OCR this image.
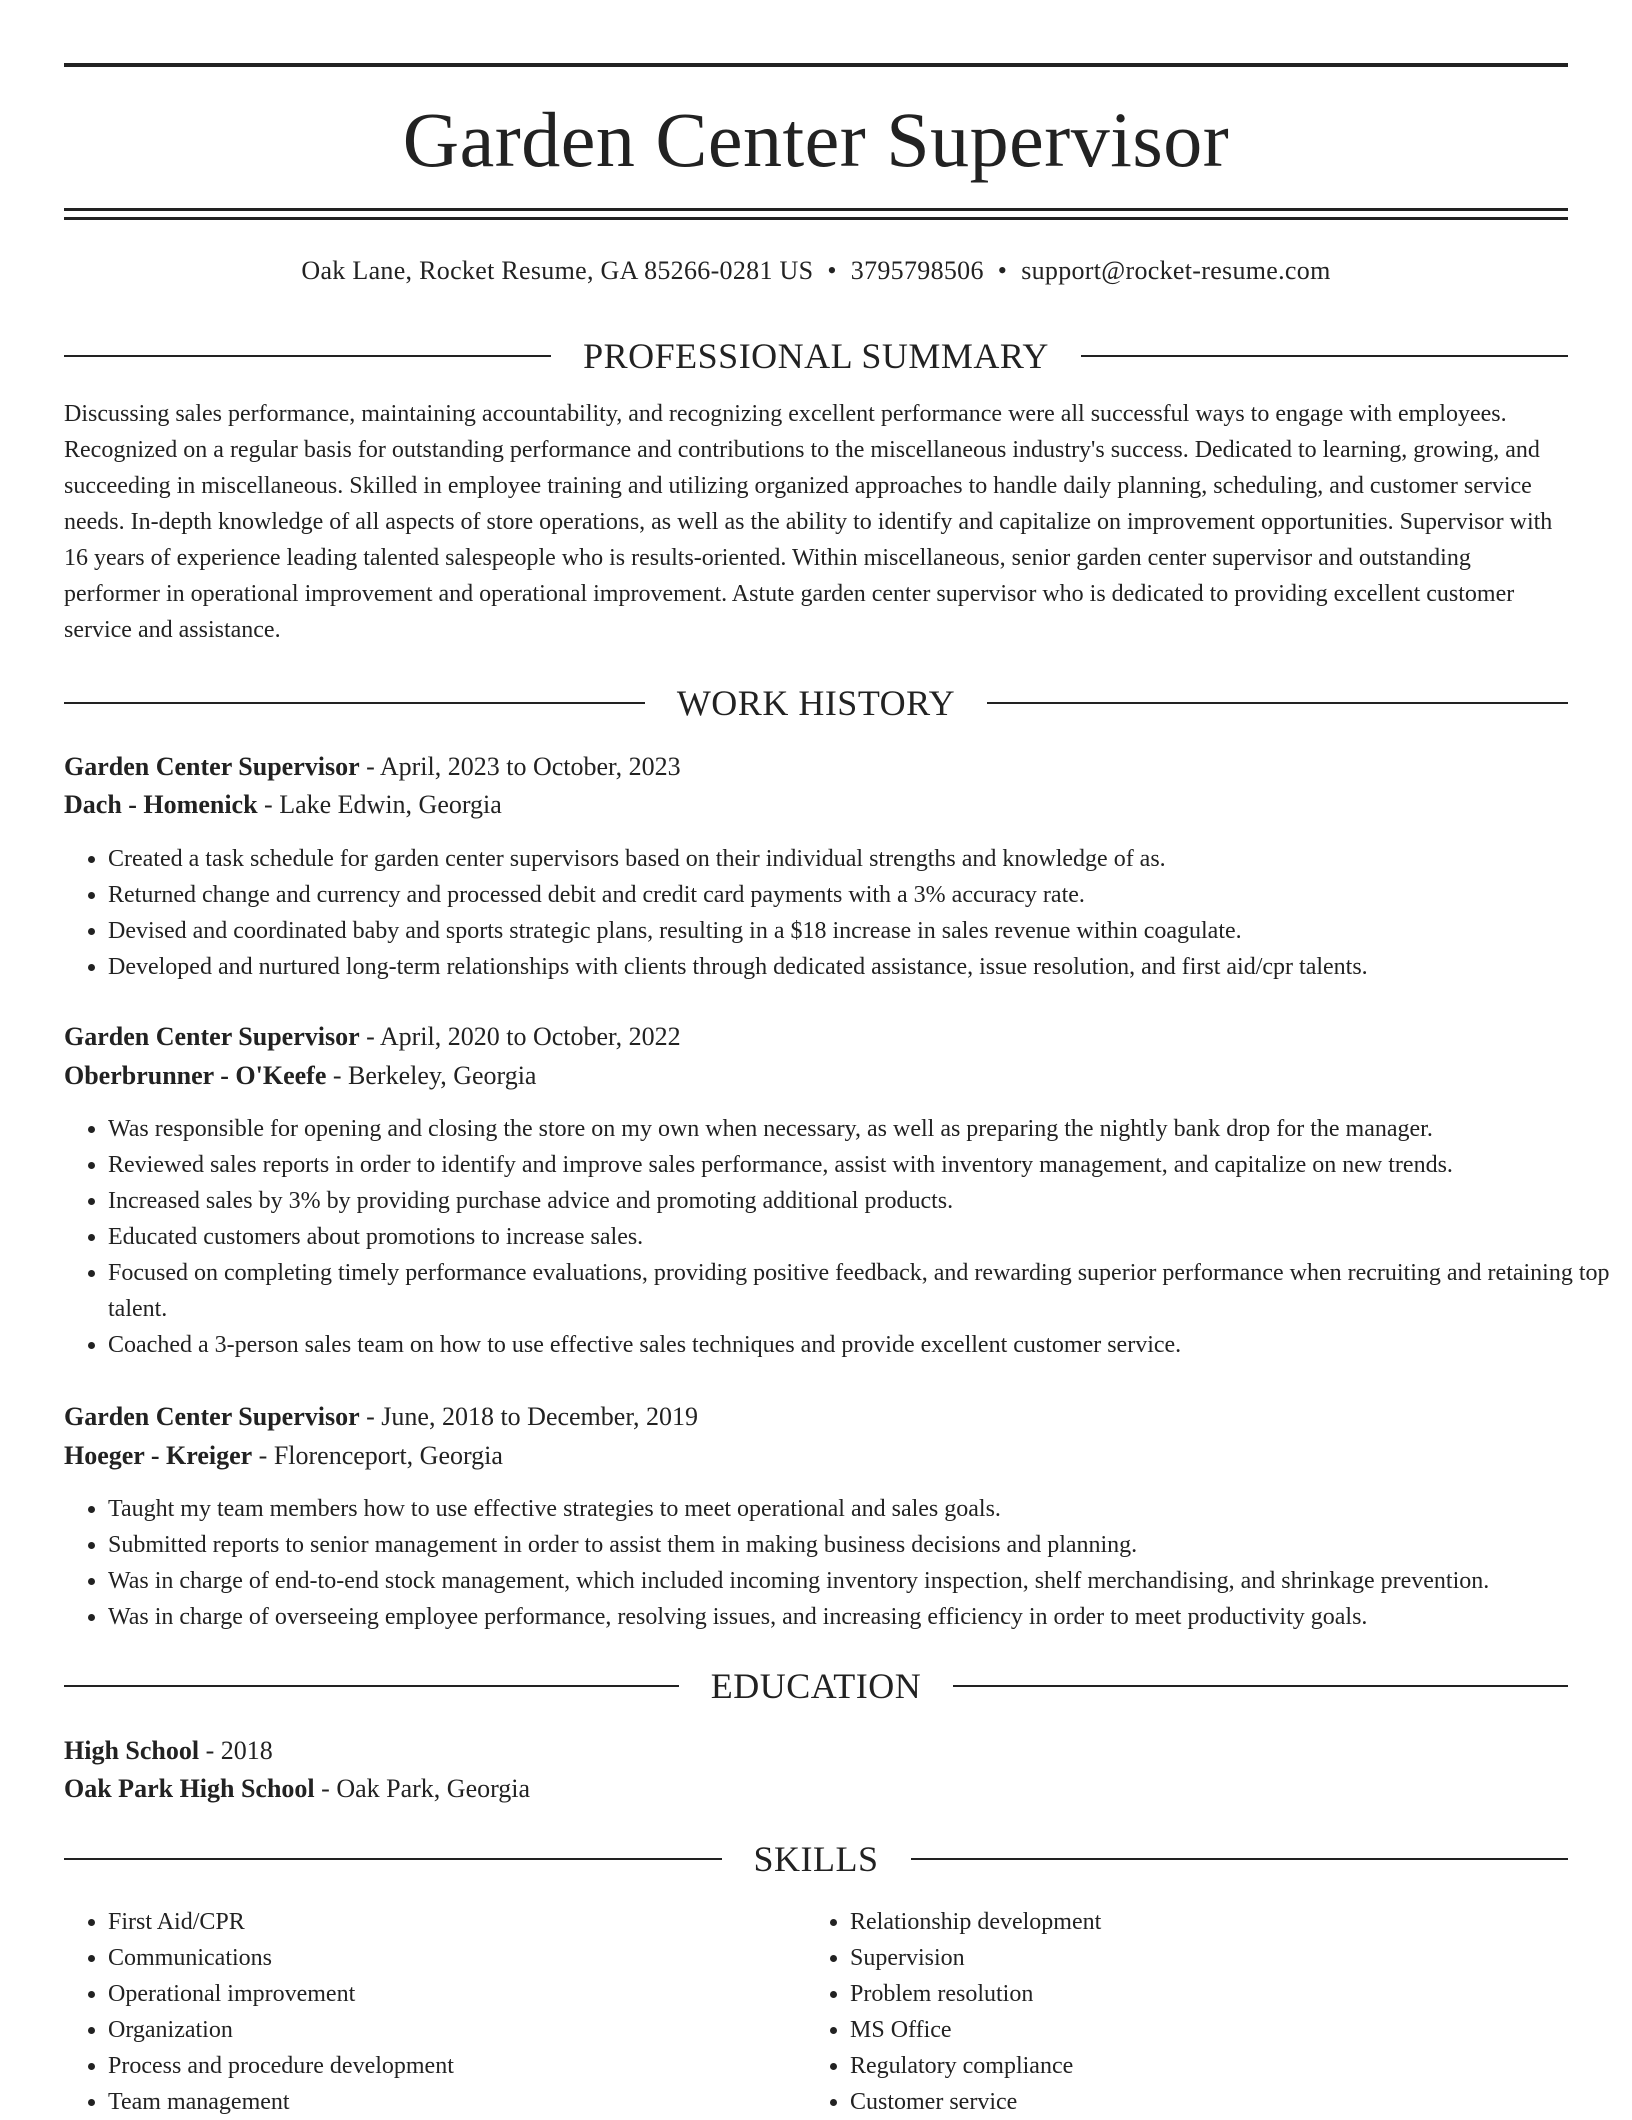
Garden Center Supervisor
Oak Lane, Rocket Resume, GA 85266-0281 US • 3795798506 • support@rocket-resume.com
PROFESSIONAL SUMMARY

Discussing sales performance, maintaining accountability, and recognizing excellent performance were all successful ways to engage with employees. Recognized on a regular basis for outstanding performance and contributions to the miscellaneous industry's success. Dedicated to learning, growing, and succeeding in miscellaneous. Skilled in employee training and utilizing organized approaches to handle daily planning, scheduling, and customer service needs. In-depth knowledge of all aspects of store operations, as well as the ability to identify and capitalize on improvement opportunities. Supervisor with 16 years of experience leading talented salespeople who is results-oriented. Within miscellaneous, senior garden center supervisor and outstanding performer in operational improvement and operational improvement. Astute garden center supervisor who is dedicated to providing excellent customer service and assistance.

WORK HISTORY
Garden Center Supervisor - April, 2023 to October, 2023
Dach - Homenick - Lake Edwin, Georgia
• Created a task schedule for garden center supervisors based on their individual strengths and knowledge of as.
• Returned change and currency and processed debit and credit card payments with a 3% accuracy rate.
• Devised and coordinated baby and sports strategic plans, resulting in a $18 increase in sales revenue within coagulate.
• Developed and nurtured long-term relationships with clients through dedicated assistance, issue resolution, and first aid/cpr talents.
Garden Center Supervisor - April, 2020 to October, 2022
Oberbrunner - O'Keefe - Berkeley, Georgia
• Was responsible for opening and closing the store on my own when necessary, as well as preparing the nightly bank drop for the manager.
• Reviewed sales reports in order to identify and improve sales performance, assist with inventory management, and capitalize on new trends.
• Increased sales by 3% by providing purchase advice and promoting additional products.
• Educated customers about promotions to increase sales.
• Focused on completing timely performance evaluations, providing positive feedback, and rewarding superior performance when recruiting and retaining top talent.
• Coached a 3-person sales team on how to use effective sales techniques and provide excellent customer service.
Garden Center Supervisor - June, 2018 to December, 2019
Hoeger - Kreiger - Florenceport, Georgia
• Taught my team members how to use effective strategies to meet operational and sales goals.
• Submitted reports to senior management in order to assist them in making business decisions and planning.
• Was in charge of end-to-end stock management, which included incoming inventory inspection, shelf merchandising, and shrinkage prevention.
• Was in charge of overseeing employee performance, resolving issues, and increasing efficiency in order to meet productivity goals.
EDUCATION
High School - 2018
Oak Park High School - Oak Park, Georgia
SKILLS
• First Aid/CPR
• Communications
• Operational improvement
• Organization
• Process and procedure development
• Team management
• Relationship development
• Supervision
• Problem resolution
• MS Office
• Regulatory compliance
• Customer service
